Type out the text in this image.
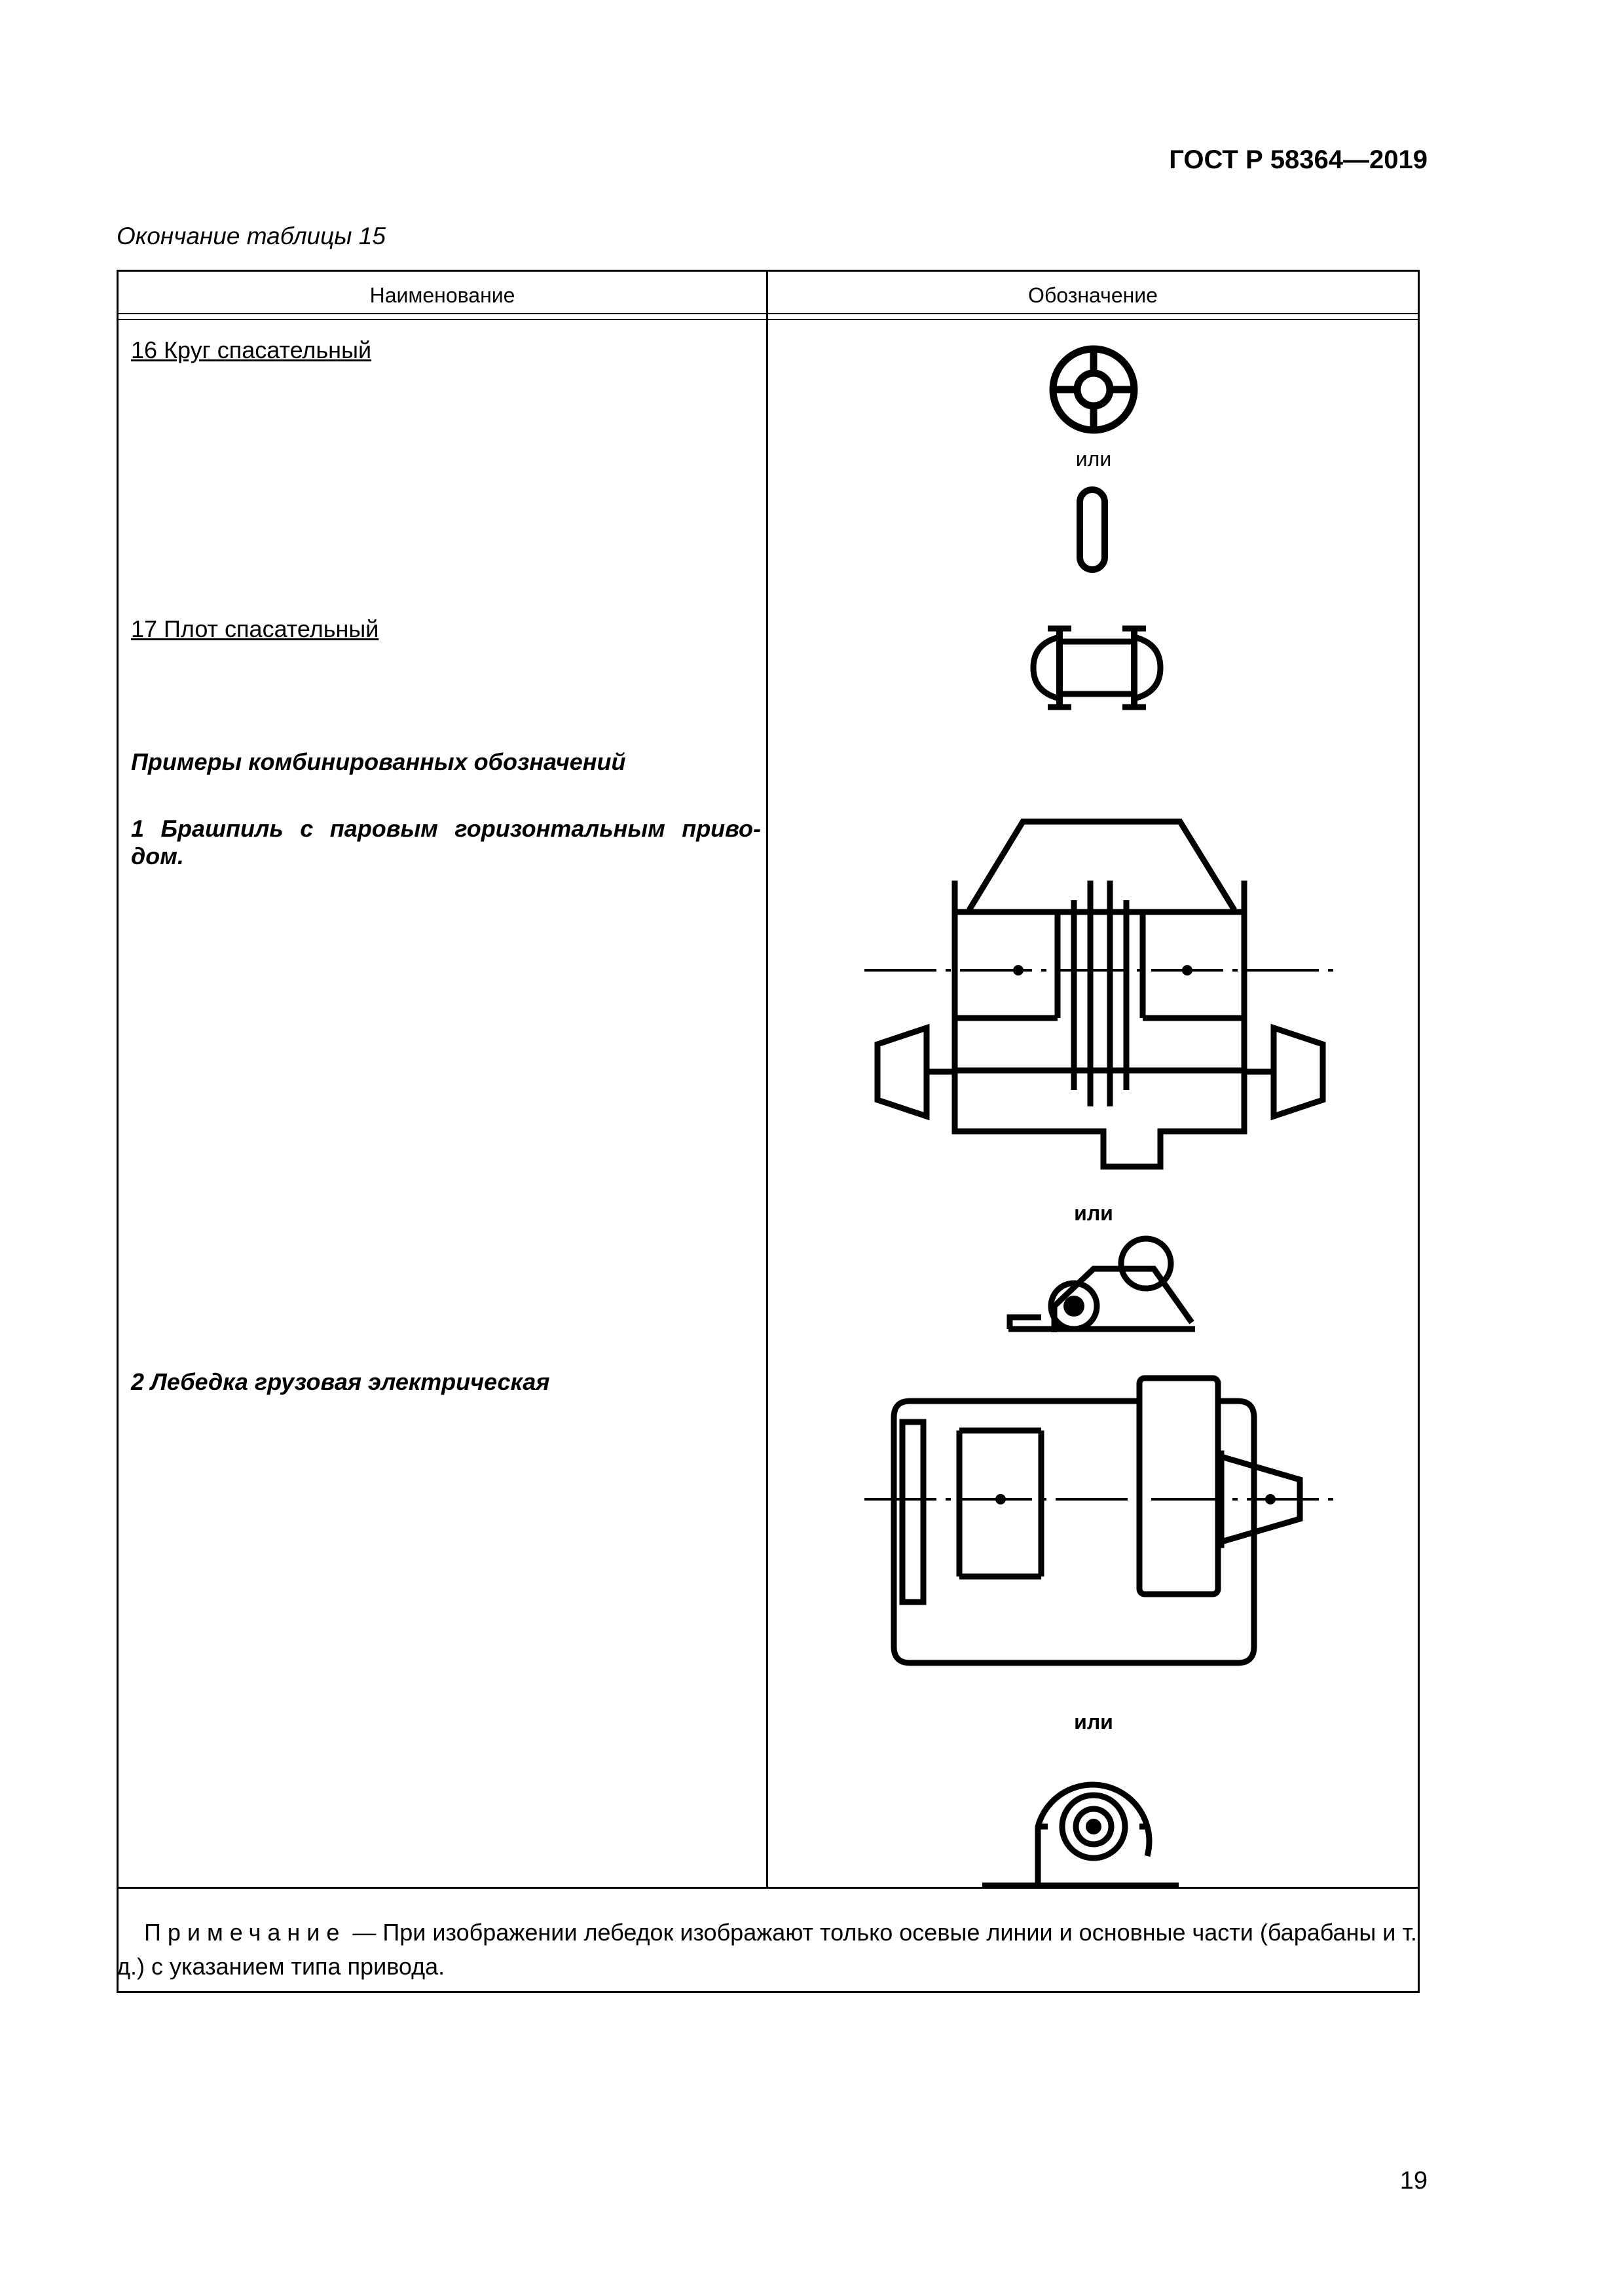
ГОСТ Р 58364—2019
Окончание таблицы 15
Наименование	Обозначение
16 Круг спасательный
17 Плот спасательный
Примеры комбинированных обозначений
1 Брашпиль с паровым горизонтальным приво-
дом.
2 Лебедка грузовая электрическая
или
или
или
Примечание — При изображении лебедок изображают только осевые линии и основные части (барабаны и т. д.) с указанием типа привода.
19
